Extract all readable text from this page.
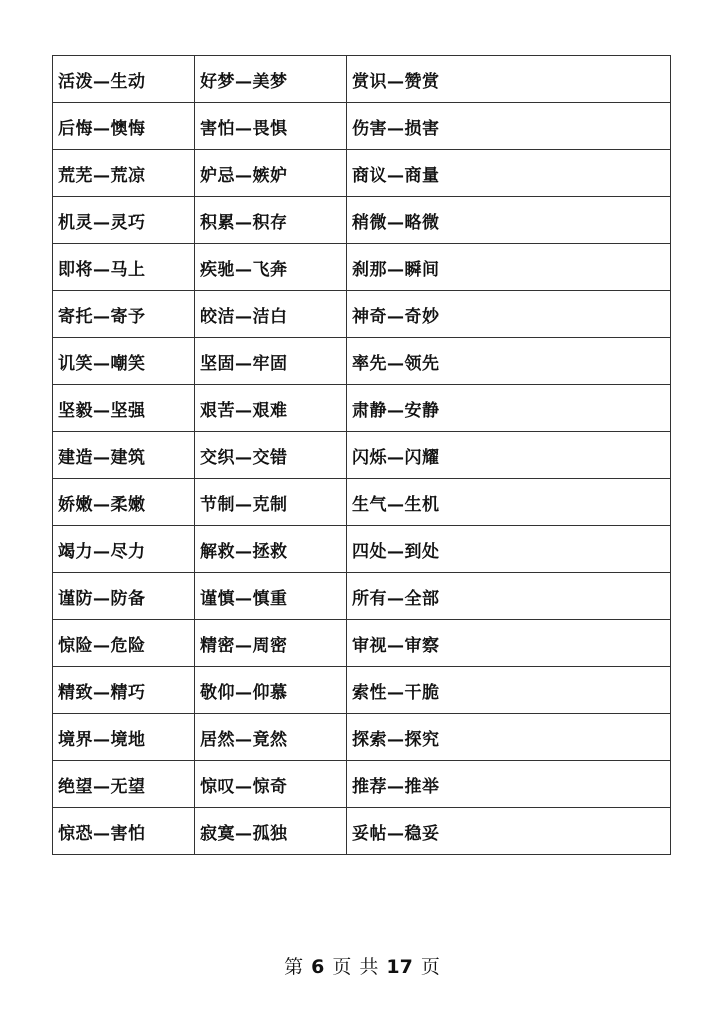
活泼—生动	好梦—美梦	赏识—赞赏
后悔—懊悔	害怕—畏惧	伤害—损害
荒芜—荒凉	妒忌—嫉妒	商议—商量
机灵—灵巧	积累—积存	稍微—略微
即将—马上	疾驰—飞奔	刹那—瞬间
寄托—寄予	皎洁—洁白	神奇—奇妙
讥笑—嘲笑	坚固—牢固	率先—领先
坚毅—坚强	艰苦—艰难	肃静—安静
建造—建筑	交织—交错	闪烁—闪耀
娇嫩—柔嫩	节制—克制	生气—生机
竭力—尽力	解救—拯救	四处—到处
谨防—防备	谨慎—慎重	所有—全部
惊险—危险	精密—周密	审视—审察
精致—精巧	敬仰—仰慕	索性—干脆
境界—境地	居然—竟然	探索—探究
绝望—无望	惊叹—惊奇	推荐—推举
惊恐—害怕	寂寞—孤独	妥帖—稳妥
第 6 页 共 17 页
